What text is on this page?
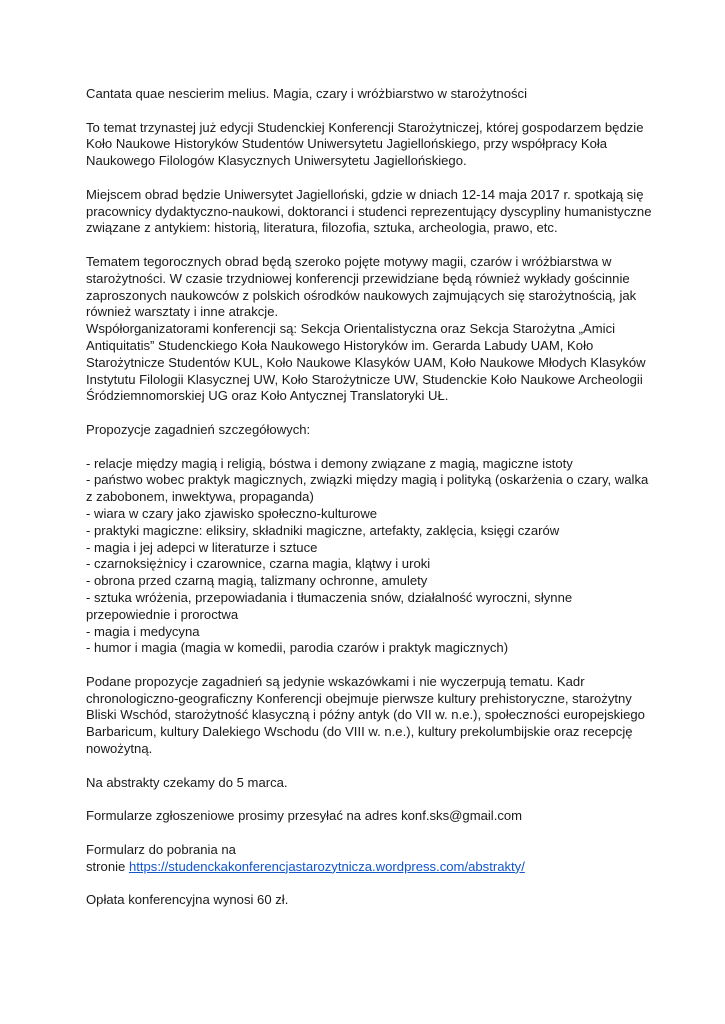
Cantata quae nescierim melius. Magia, czary i wróżbiarstwo w starożytności

To temat trzynastej już edycji Studenckiej Konferencji Starożytniczej, której gospodarzem będzie
Koło Naukowe Historyków Studentów Uniwersytetu Jagiellońskiego, przy współpracy Koła
Naukowego Filologów Klasycznych Uniwersytetu Jagiellońskiego.

Miejscem obrad będzie Uniwersytet Jagielloński, gdzie w dniach 12-14 maja 2017 r. spotkają się
pracownicy dydaktyczno-naukowi, doktoranci i studenci reprezentujący dyscypliny humanistyczne
związane z antykiem: historią, literatura, filozofia, sztuka, archeologia, prawo, etc.

Tematem tegorocznych obrad będą szeroko pojęte motywy magii, czarów i wróżbiarstwa w
starożytności. W czasie trzydniowej konferencji przewidziane będą również wykłady gościnnie
zaproszonych naukowców z polskich ośrodków naukowych zajmujących się starożytnością, jak
również warsztaty i inne atrakcje.
Współorganizatorami konferencji są: Sekcja Orientalistyczna oraz Sekcja Starożytna „Amici
Antiquitatis” Studenckiego Koła Naukowego Historyków im. Gerarda Labudy UAM, Koło
Starożytnicze Studentów KUL, Koło Naukowe Klasyków UAM, Koło Naukowe Młodych Klasyków
Instytutu Filologii Klasycznej UW, Koło Starożytnicze UW, Studenckie Koło Naukowe Archeologii
Śródziemnomorskiej UG oraz Koło Antycznej Translatoryki UŁ.

Propozycje zagadnień szczegółowych:

- relacje między magią i religią, bóstwa i demony związane z magią, magiczne istoty
- państwo wobec praktyk magicznych, związki między magią i polityką (oskarżenia o czary, walka
z zabobonem, inwektywa, propaganda)
- wiara w czary jako zjawisko społeczno-kulturowe
- praktyki magiczne: eliksiry, składniki magiczne, artefakty, zaklęcia, księgi czarów
- magia i jej adepci w literaturze i sztuce
- czarnoksiężnicy i czarownice, czarna magia, klątwy i uroki
- obrona przed czarną magią, talizmany ochronne, amulety
- sztuka wróżenia, przepowiadania i tłumaczenia snów, działalność wyroczni, słynne
przepowiednie i proroctwa
- magia i medycyna
- humor i magia (magia w komedii, parodia czarów i praktyk magicznych)

Podane propozycje zagadnień są jedynie wskazówkami i nie wyczerpują tematu. Kadr
chronologiczno-geograficzny Konferencji obejmuje pierwsze kultury prehistoryczne, starożytny
Bliski Wschód, starożytność klasyczną i późny antyk (do VII w. n.e.), społeczności europejskiego
Barbaricum, kultury Dalekiego Wschodu (do VIII w. n.e.), kultury prekolumbijskie oraz recepcję
nowożytną.

Na abstrakty czekamy do 5 marca.

Formularze zgłoszeniowe prosimy przesyłać na adres konf.sks@gmail.com

Formularz do pobrania na
stronie https://studenckakonferencjastarozytnicza.wordpress.com/abstrakty/

Opłata konferencyjna wynosi 60 zł.
